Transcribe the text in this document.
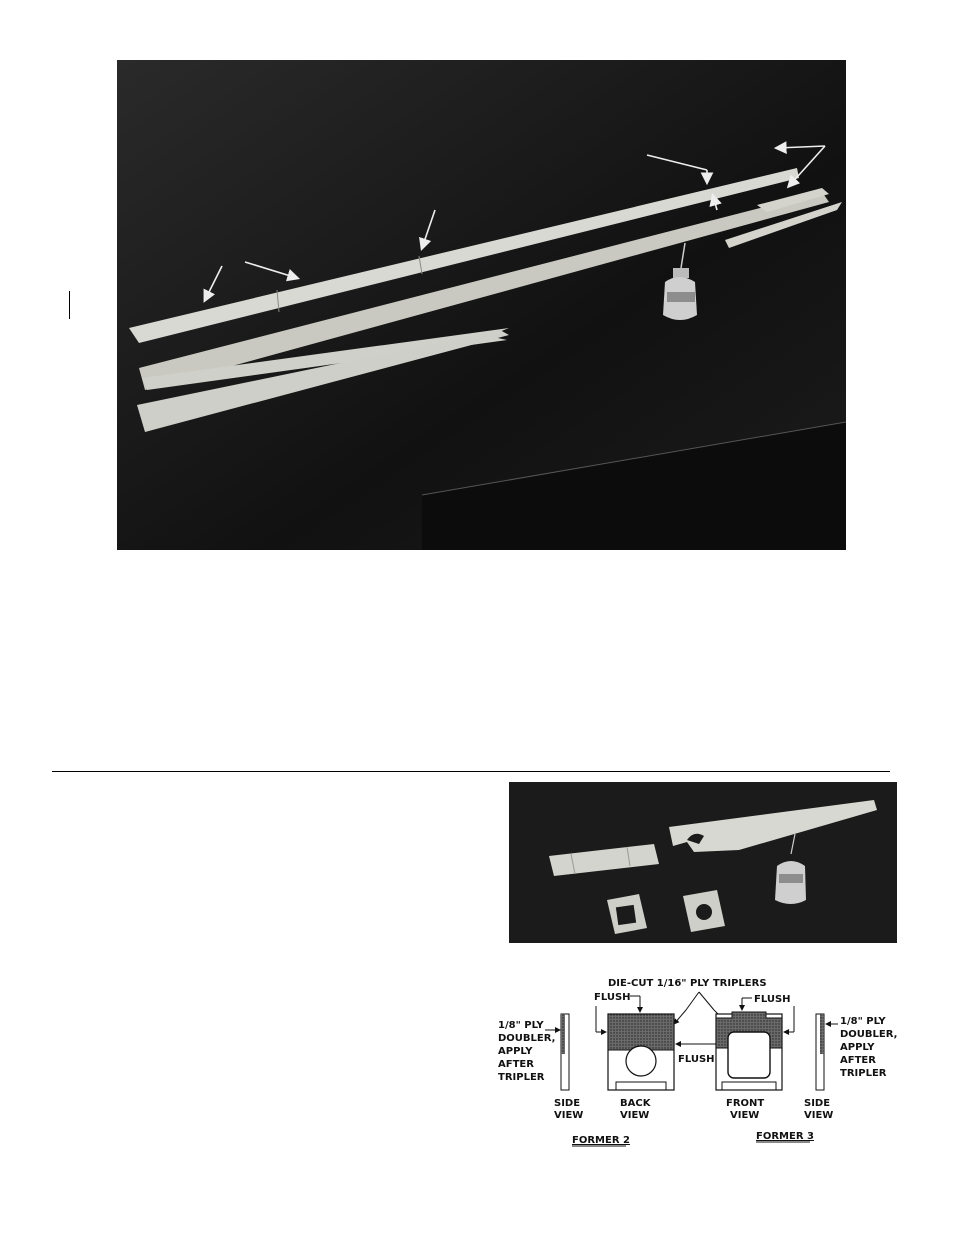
DIE-CUT 1/16" PLY TRIPLERS
1/8" PLY
DOUBLER,
APPLY
AFTER
TRIPLER
SIDE
VIEW
FLUSH
BACK
VIEW
FLUSH
FLUSH
FRONT
VIEW
1/8" PLY
DOUBLER,
APPLY
AFTER
TRIPLER
SIDE
VIEW
FORMER 2	FORMER 3
